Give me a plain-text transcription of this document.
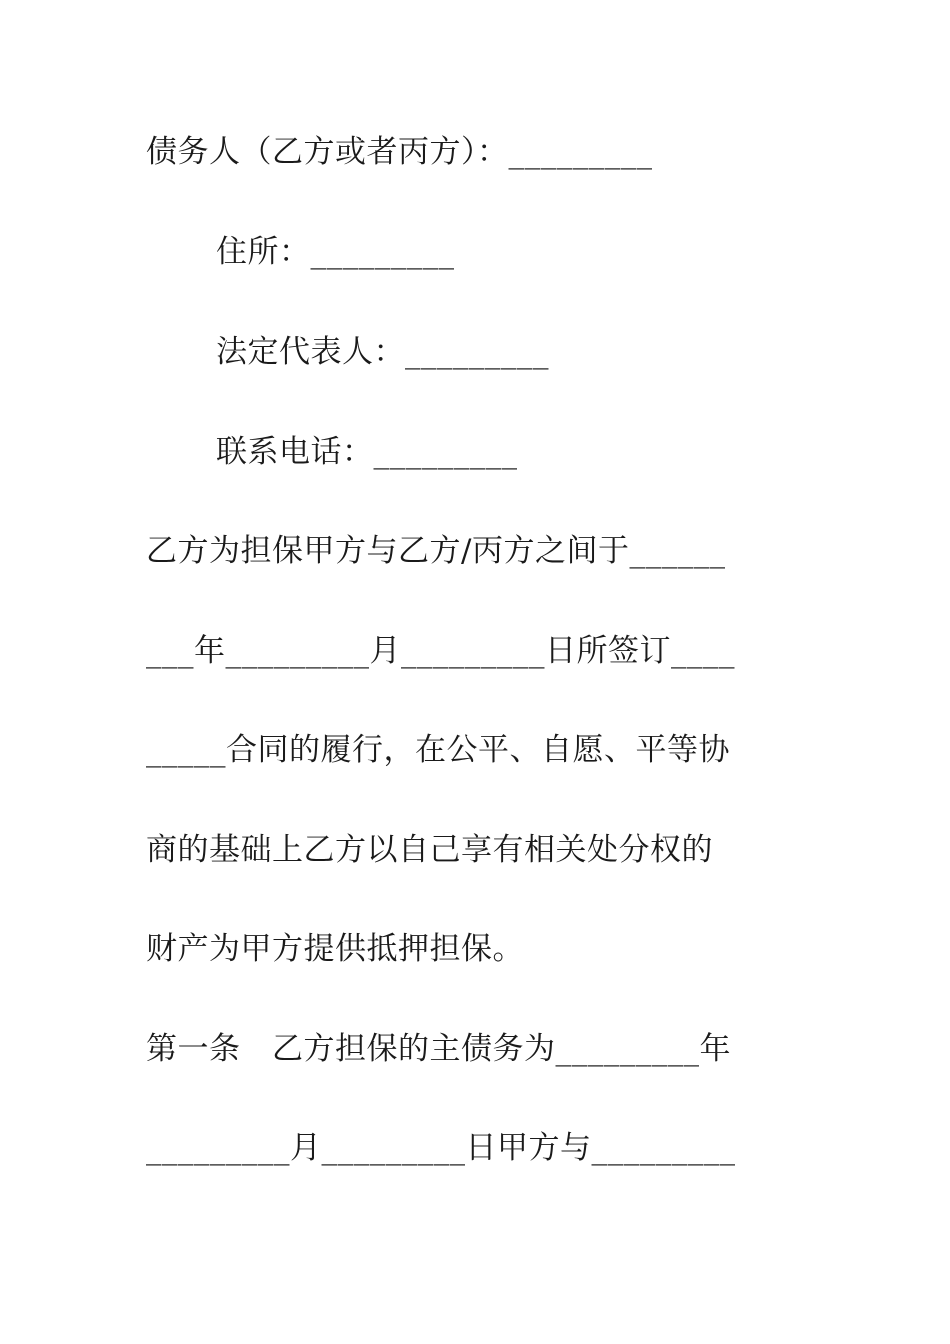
债务人（乙方或者丙方）：_________
住所：_________
法定代表人：_________
联系电话：_________
乙方为担保甲方与乙方/丙方之间于______
___年_________月_________日所签订____
_____合同的履行，在公平、自愿、平等协
商的基础上乙方以自己享有相关处分权的
财产为甲方提供抵押担保。
第一条　乙方担保的主债务为_________年
_________月_________日甲方与_________
